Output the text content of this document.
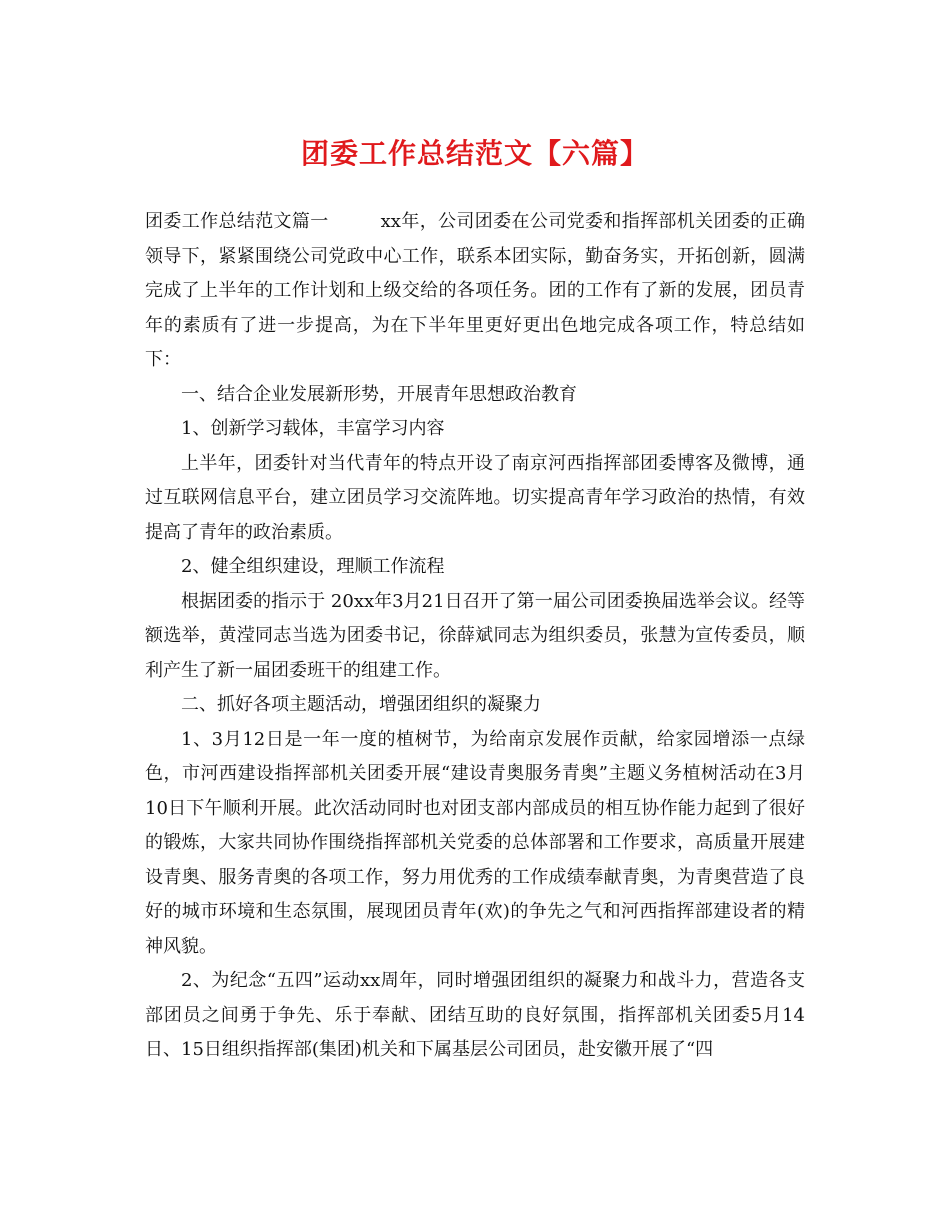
团委工作总结范文【六篇】

团委工作总结范文篇一	xx年，公司团委在公司党委和指挥部机关团委的正确领导下，紧紧围绕公司党政中心工作，联系本团实际，勤奋务实，开拓创新，圆满完成了上半年的工作计划和上级交给的各项任务。团的工作有了新的发展，团员青年的素质有了进一步提高，为在下半年里更好更出色地完成各项工作，特总结如下：

一、结合企业发展新形势，开展青年思想政治教育

1、创新学习载体，丰富学习内容

上半年，团委针对当代青年的特点开设了南京河西指挥部团委博客及微博，通过互联网信息平台，建立团员学习交流阵地。切实提高青年学习政治的热情，有效提高了青年的政治素质。

2、健全组织建设，理顺工作流程

根据团委的指示于 20xx年3月21日召开了第一届公司团委换届选举会议。经等额选举，黄滢同志当选为团委书记，徐薛斌同志为组织委员，张慧为宣传委员，顺利产生了新一届团委班干的组建工作。

二、抓好各项主题活动，增强团组织的凝聚力

1、3月12日是一年一度的植树节，为给南京发展作贡献，给家园增添一点绿色，市河西建设指挥部机关团委开展“建设青奥服务青奥”主题义务植树活动在3月10日下午顺利开展。此次活动同时也对团支部内部成员的相互协作能力起到了很好的锻炼，大家共同协作围绕指挥部机关党委的总体部署和工作要求，高质量开展建设青奥、服务青奥的各项工作，努力用优秀的工作成绩奉献青奥，为青奥营造了良好的城市环境和生态氛围，展现团员青年(欢)的争先之气和河西指挥部建设者的精神风貌。

2、为纪念“五四”运动xx周年，同时增强团组织的凝聚力和战斗力，营造各支部团员之间勇于争先、乐于奉献、团结互助的良好氛围，指挥部机关团委5月14日、15日组织指挥部(集团)机关和下属基层公司团员，赴安徽开展了“四
